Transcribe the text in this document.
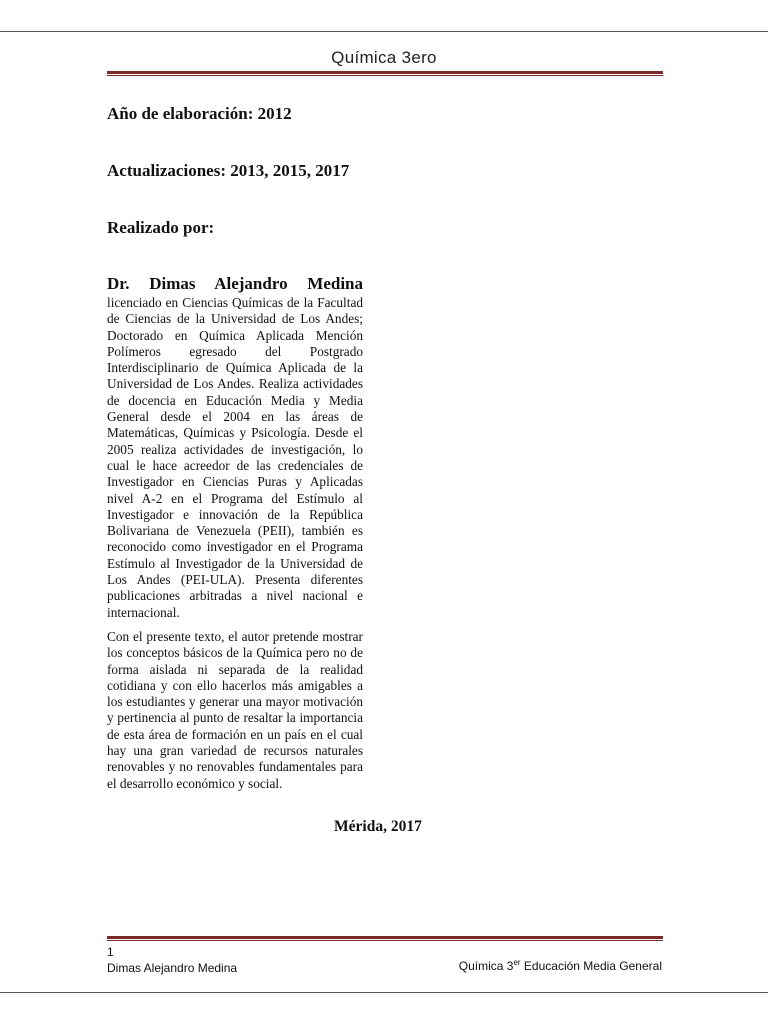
Química 3ero
Año de elaboración: 2012
Actualizaciones: 2013, 2015, 2017
Realizado por:
Dr. Dimas Alejandro Medina

licenciado en Ciencias Químicas de la Facultad de Ciencias de la Universidad de Los Andes; Doctorado en Química Aplicada Mención Polímeros egresado del Postgrado Interdisciplinario de Química Aplicada de la Universidad de Los Andes. Realiza actividades de docencia en Educación Media y Media General desde el 2004 en las áreas de Matemáticas, Químicas y Psicología. Desde el 2005 realiza actividades de investigación, lo cual le hace acreedor de las credenciales de Investigador en Ciencias Puras y Aplicadas nivel A-2 en el Programa del Estímulo al Investigador e innovación de la República Bolivariana de Venezuela (PEII), también es reconocido como investigador en el Programa Estímulo al Investigador de la Universidad de Los Andes (PEI-ULA). Presenta diferentes publicaciones arbitradas a nivel nacional e internacional.

Con el presente texto, el autor pretende mostrar los conceptos básicos de la Química pero no de forma aislada ni separada de la realidad cotidiana y con ello hacerlos más amigables a los estudiantes y generar una mayor motivación y pertinencia al punto de resaltar la importancia de esta área de formación en un país en el cual hay una gran variedad de recursos naturales renovables y no renovables fundamentales para el desarrollo económico y social.

Mérida, 2017
1
Dimas Alejandro Medina	Química 3er Educación Media General
